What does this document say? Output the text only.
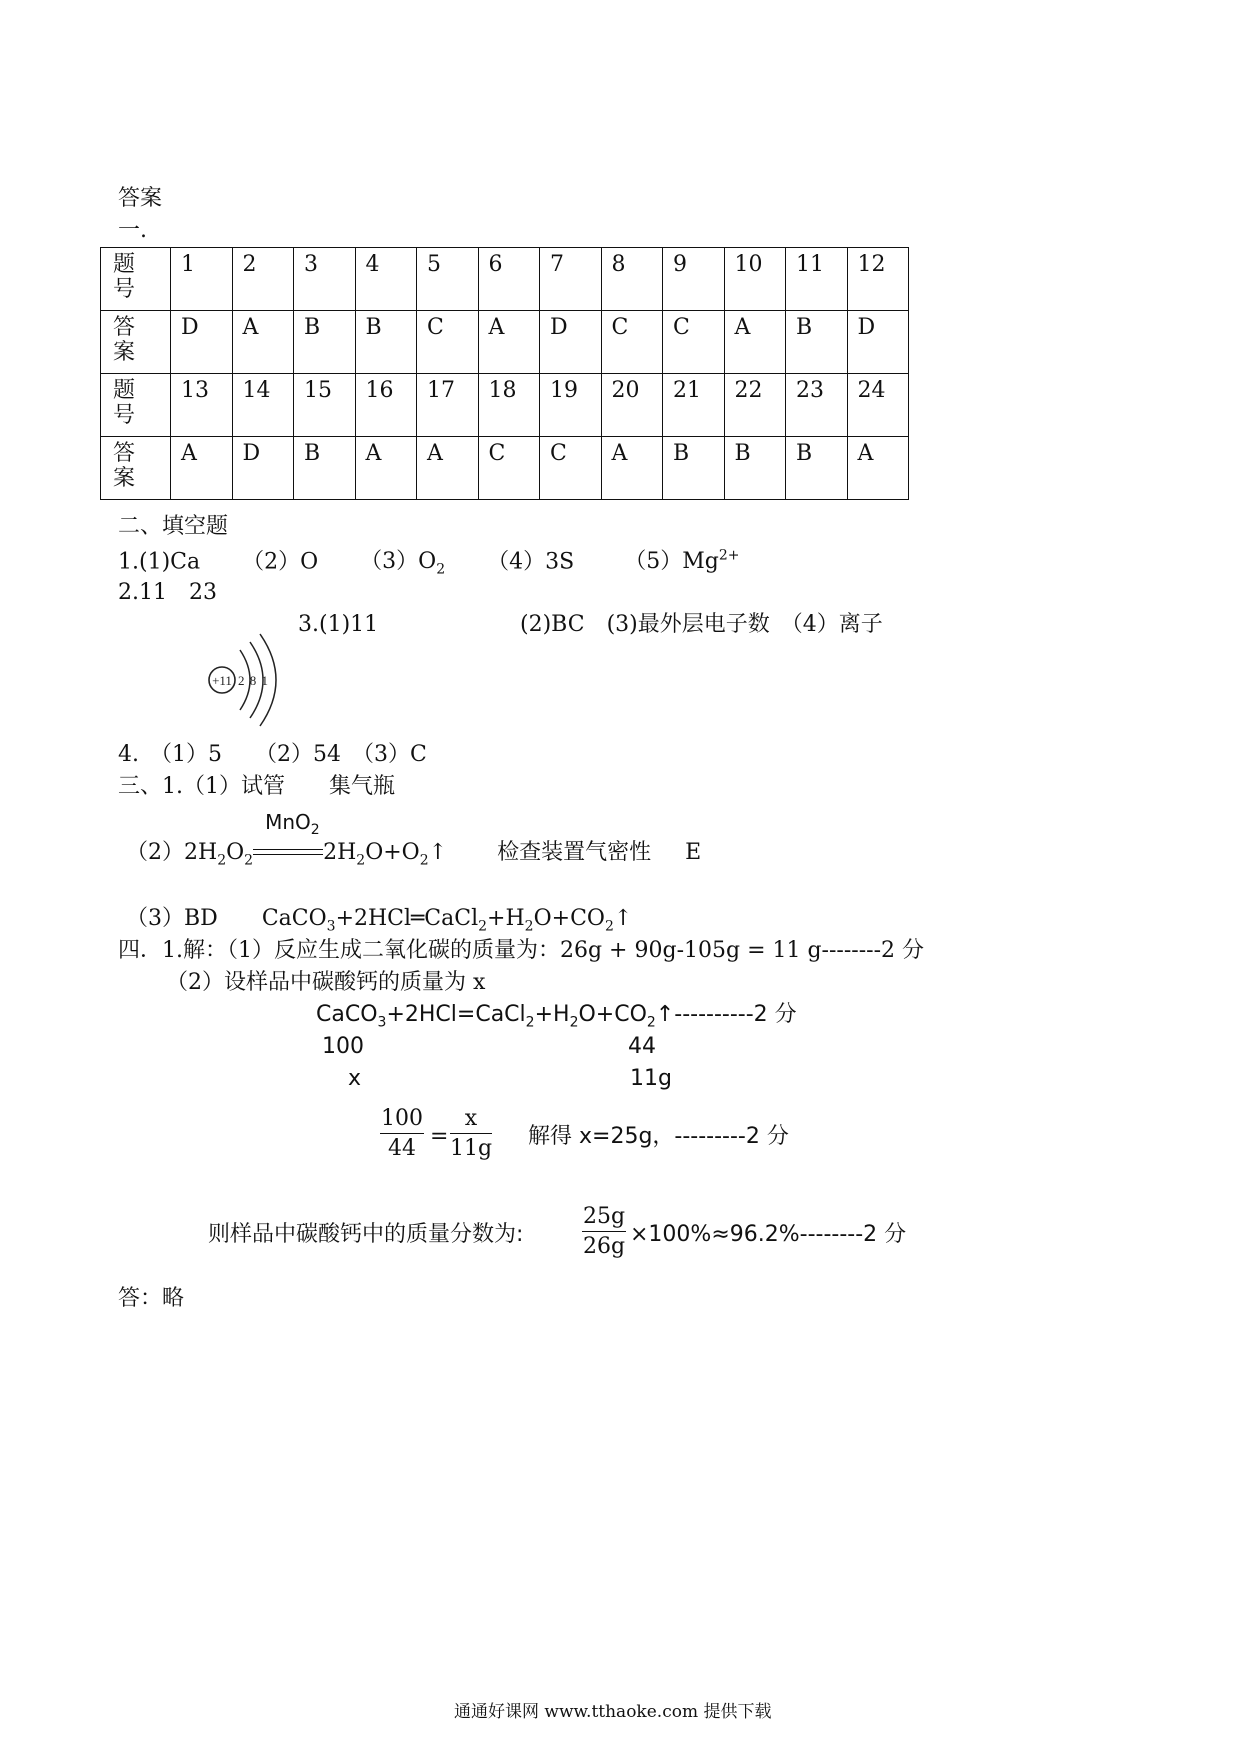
答案
一.
题号	1	2	3	4	5	6	7	8	9	10	11	12

答案	D	A	B	B	C	A	D	C	C	A	B	D

题号	13	14	15	16	17	18	19	20	21	22	23	24

答案	A	D	B	A	A	C	C	A	B	B	B	A
二、填空题
1.(1)Ca （2）O $(3)O_2$ （4）3S $(5)Mg^{2+}$
2.11　23
3.(1)11	(2)BC　(3)最外层电子数　（4）离子
+11 2 8 1
4.　（1）5　　（2）54　（3）C
三、1.（1）试管　　集气瓶
$(2)2H_2O_2$
MnO$_2$
$2H_2O+O_2↑$ 检查装置气密性 E
（3）BD $CaCO_3+2HCl═CaCl_2+H_2O+CO_2↑$
四．1.解：（1）反应生成二氧化碳的质量为：26g + 90g-105g = 11 g--------2 分
（2）设样品中碳酸钙的质量为 x
$CaCO_3+2HCl=CaCl_2+H_2O+CO_2↑----------2$ 分
100	44
x	11g
100
44 =
x
11g 解得 x=25g，---------2 分
则样品中碳酸钙中的质量分数为:
25g
26g ×100%≈96.2%--------2 分
答：略
通通好课网 www.tthaoke.com 提供下载
